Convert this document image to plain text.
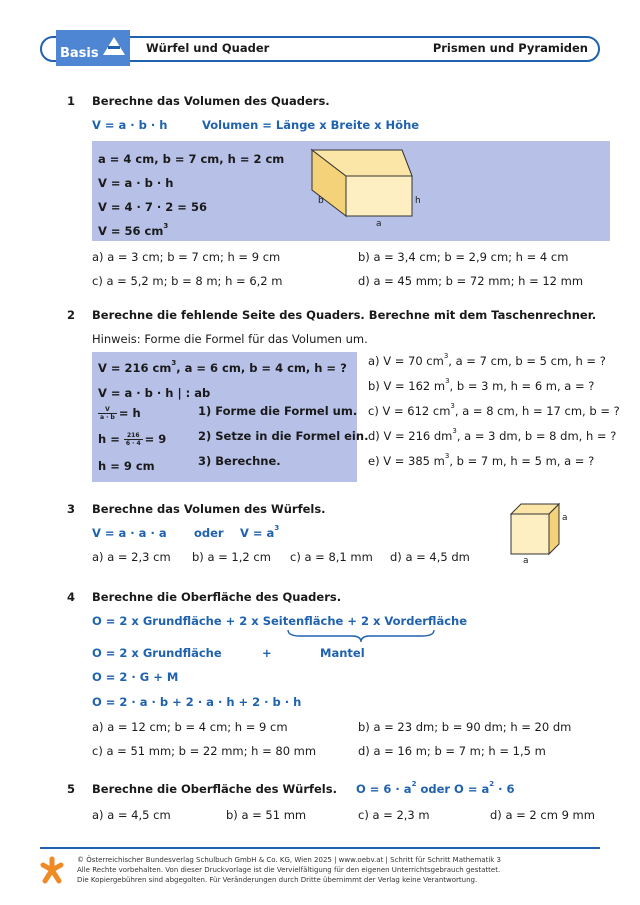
Basis	Würfel und Quader	Prismen und Pyramiden
1 Berechne das Volumen des Quaders.
V = a · b · h	Volumen = Länge x Breite x Höhe
a = 4 cm, b = 7 cm, h = 2 cm
V = a · b · h
V = 4 · 7 · 2 = 56
V = 56 $cm^3$
b	h
a
a) a = 3 cm; b = 7 cm; h = 9 cm	b) a = 3,4 cm; b = 2,9 cm; h = 4 cm
c) a = 5,2 m; b = 8 m; h = 6,2 m	d) a = 45 mm; b = 72 mm; h = 12 mm
2 Berechne die fehlende Seite des Quaders. Berechne mit dem Taschenrechner.
Hinweis: Forme die Formel für das Volumen um.
V = 216 $cm^3$, a = 6 cm, b = 4 cm, h = ?
V = a · b · h | : ab
$\frac{V}{a \cdot b} = h$
$h = \frac{216}{6 \cdot 4} = 9$
h = 9 cm
1) Forme die Formel um.
2) Setze in die Formel ein.
3) Berechne.
a) V = 70 $cm^3$, a = 7 cm, b = 5 cm, h = ?
b) V = 162 $m^3$, b = 3 m, h = 6 m, a = ?
c) V = 612 $cm^3$, a = 8 cm, h = 17 cm, b = ?
d) V = 216 $dm^3$, a = 3 dm, b = 8 dm, h = ?
e) V = 385 $m^3$, b = 7 m, h = 5 m, a = ?
3 Berechne das Volumen des Würfels.
V = a · a · a oder $V = a^3$
a
a
a) a = 2,3 cm b) a = 1,2 cm c) a = 8,1 mm d) a = 4,5 dm
4 Berechne die Oberfläche des Quaders.
O = 2 x Grundfläche + 2 x Seitenfläche + 2 x Vorderfläche
O = 2 x Grundfläche	+	Mantel
O = 2 · G + M
O = 2 · a · b + 2 · a · h + 2 · b · h
a) a = 12 cm; b = 4 cm; h = 9 cm	b) a = 23 dm; b = 90 dm; h = 20 dm
c) a = 51 mm; b = 22 mm; h = 80 mm	d) a = 16 m; b = 7 m; h = 1,5 m
5 Berechne die Oberfläche des Würfels. $O = 6 \cdot a^2$ oder $O = a^2 \cdot 6$
a) a = 4,5 cm	b) a = 51 mm	c) a = 2,3 m	d) a = 2 cm 9 mm
© Österreichischer Bundesverlag Schulbuch GmbH & Co. KG, Wien 2025 | www.oebv.at | Schritt für Schritt Mathematik 3
Alle Rechte vorbehalten. Von dieser Druckvorlage ist die Vervielfältigung für den eigenen Unterrichtsgebrauch gestattet.
Die Kopiergebühren sind abgegolten. Für Veränderungen durch Dritte übernimmt der Verlag keine Verantwortung.
